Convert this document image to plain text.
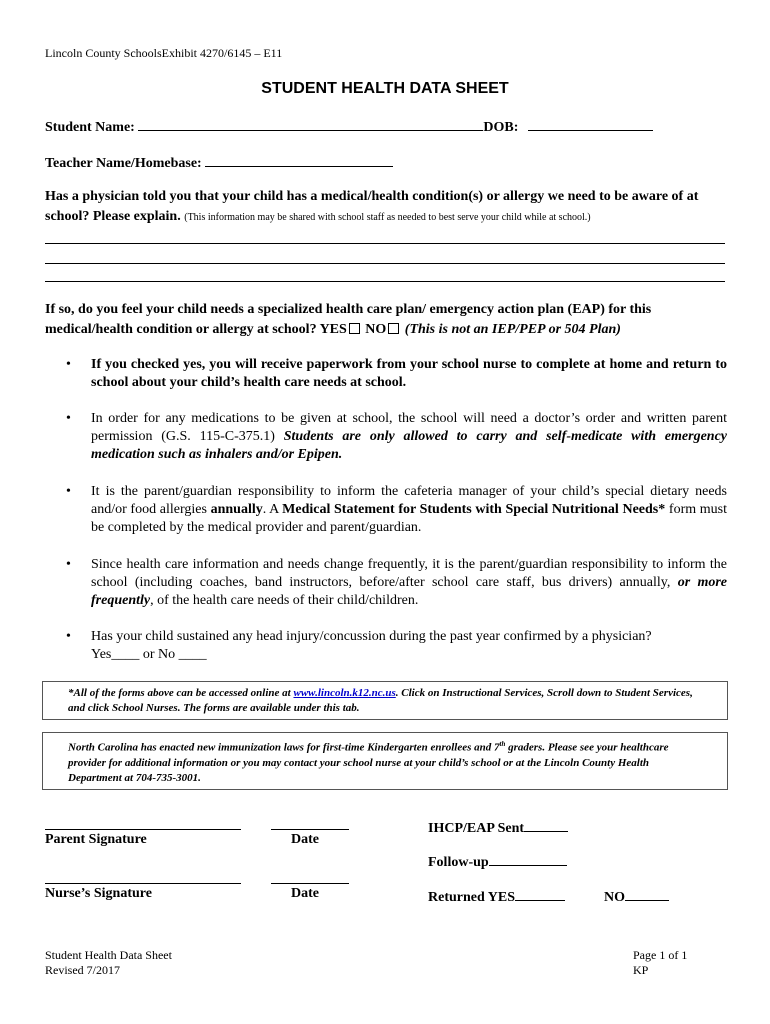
Lincoln County SchoolsExhibit 4270/6145 – E11
STUDENT HEALTH DATA SHEET
Student Name:	DOB:
Teacher Name/Homebase:
Has a physician told you that your child has a medical/health condition(s) or allergy we need to be aware of at school? Please explain. (This information may be shared with school staff as needed to best serve your child while at school.)
If so, do you feel your child needs a specialized health care plan/ emergency action plan (EAP) for this medical/health condition or allergy at school? YES NO (This is not an IEP/PEP or 504 Plan)
• If you checked yes, you will receive paperwork from your school nurse to complete at home and return to school about your child’s health care needs at school.
• In order for any medications to be given at school, the school will need a doctor’s order and written parent permission (G.S. 115-C-375.1) Students are only allowed to carry and self-medicate with emergency medication such as inhalers and/or Epipen.
• It is the parent/guardian responsibility to inform the cafeteria manager of your child’s special dietary needs and/or food allergies annually. A Medical Statement for Students with Special Nutritional Needs* form must be completed by the medical provider and parent/guardian.
• Since health care information and needs change frequently, it is the parent/guardian responsibility to inform the school (including coaches, band instructors, before/after school care staff, bus drivers) annually, or more frequently, of the health care needs of their child/children.
• Has your child sustained any head injury/concussion during the past year confirmed by a physician?
Yes____ or No ____
*All of the forms above can be accessed online at www.lincoln.k12.nc.us. Click on Instructional Services, Scroll down to Student Services, and click School Nurses. The forms are available under this tab.
North Carolina has enacted new immunization laws for first-time Kindergarten enrollees and 7th graders. Please see your healthcare provider for additional information or you may contact your school nurse at your child’s school or at the Lincoln County Health Department at 704-735-3001.
Parent Signature	Date
IHCP/EAP Sent
Follow-up
Nurse’s Signature	Date	Returned YES	NO
Student Health Data Sheet
Revised 7/2017
Page 1 of 1
KP
